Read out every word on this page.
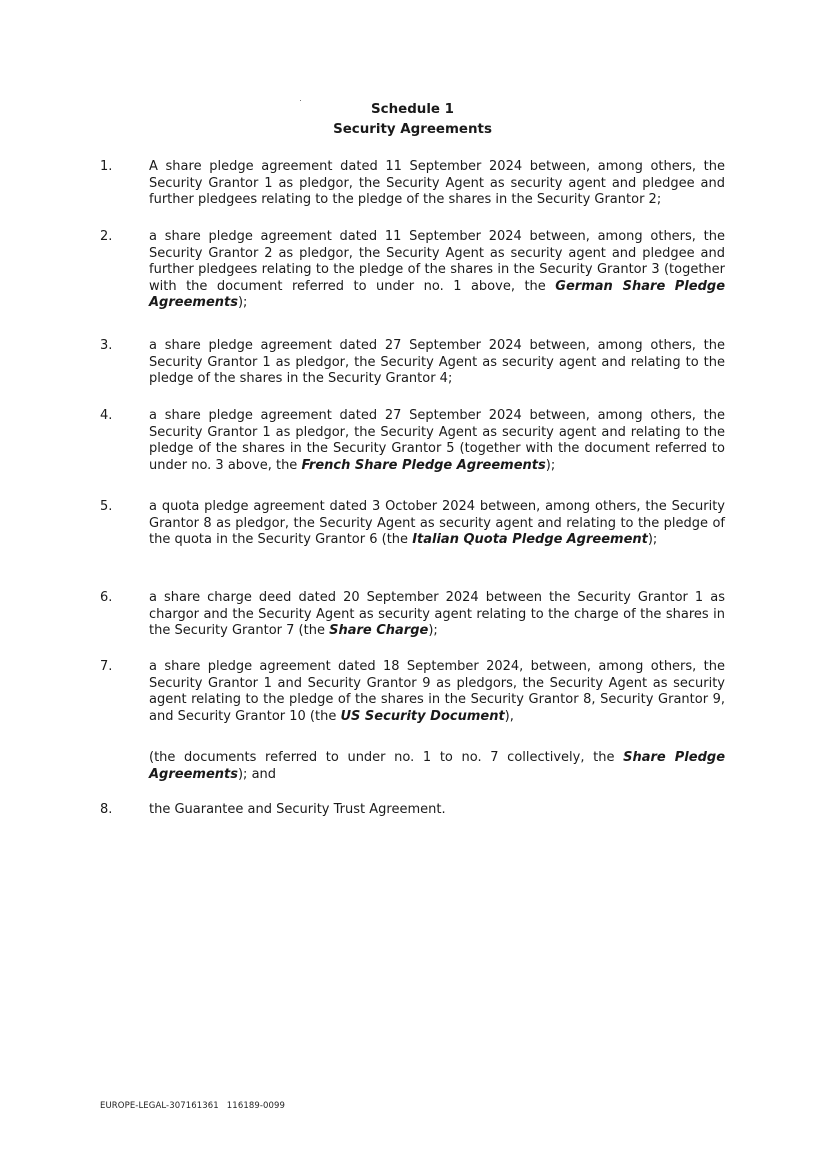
Schedule 1
Security Agreements
1.	A share pledge agreement dated 11 September 2024 between, among others, the Security Grantor 1 as pledgor, the Security Agent as security agent and pledgee and further pledgees relating to the pledge of the shares in the Security Grantor 2;
2.	a share pledge agreement dated 11 September 2024 between, among others, the Security Grantor 2 as pledgor, the Security Agent as security agent and pledgee and further pledgees relating to the pledge of the shares in the Security Grantor 3 (together with the document referred to under no. 1 above, the German Share Pledge Agreements);
3.	a share pledge agreement dated 27 September 2024 between, among others, the Security Grantor 1 as pledgor, the Security Agent as security agent and relating to the pledge of the shares in the Security Grantor 4;
4.	a share pledge agreement dated 27 September 2024 between, among others, the Security Grantor 1 as pledgor, the Security Agent as security agent and relating to the pledge of the shares in the Security Grantor 5 (together with the document referred to under no. 3 above, the French Share Pledge Agreements);
5.	a quota pledge agreement dated 3 October 2024 between, among others, the Security Grantor 8 as pledgor, the Security Agent as security agent and relating to the pledge of the quota in the Security Grantor 6 (the Italian Quota Pledge Agreement);
6.	a share charge deed dated 20 September 2024 between the Security Grantor 1 as chargor and the Security Agent as security agent relating to the charge of the shares in the Security Grantor 7 (the Share Charge);
7.	a share pledge agreement dated 18 September 2024, between, among others, the Security Grantor 1 and Security Grantor 9 as pledgors, the Security Agent as security agent relating to the pledge of the shares in the Security Grantor 8, Security Grantor 9, and Security Grantor 10 (the US Security Document),
(the documents referred to under no. 1 to no. 7 collectively, the Share Pledge Agreements); and
8.	the Guarantee and Security Trust Agreement.
EUROPE-LEGAL-307161361 116189-0099
